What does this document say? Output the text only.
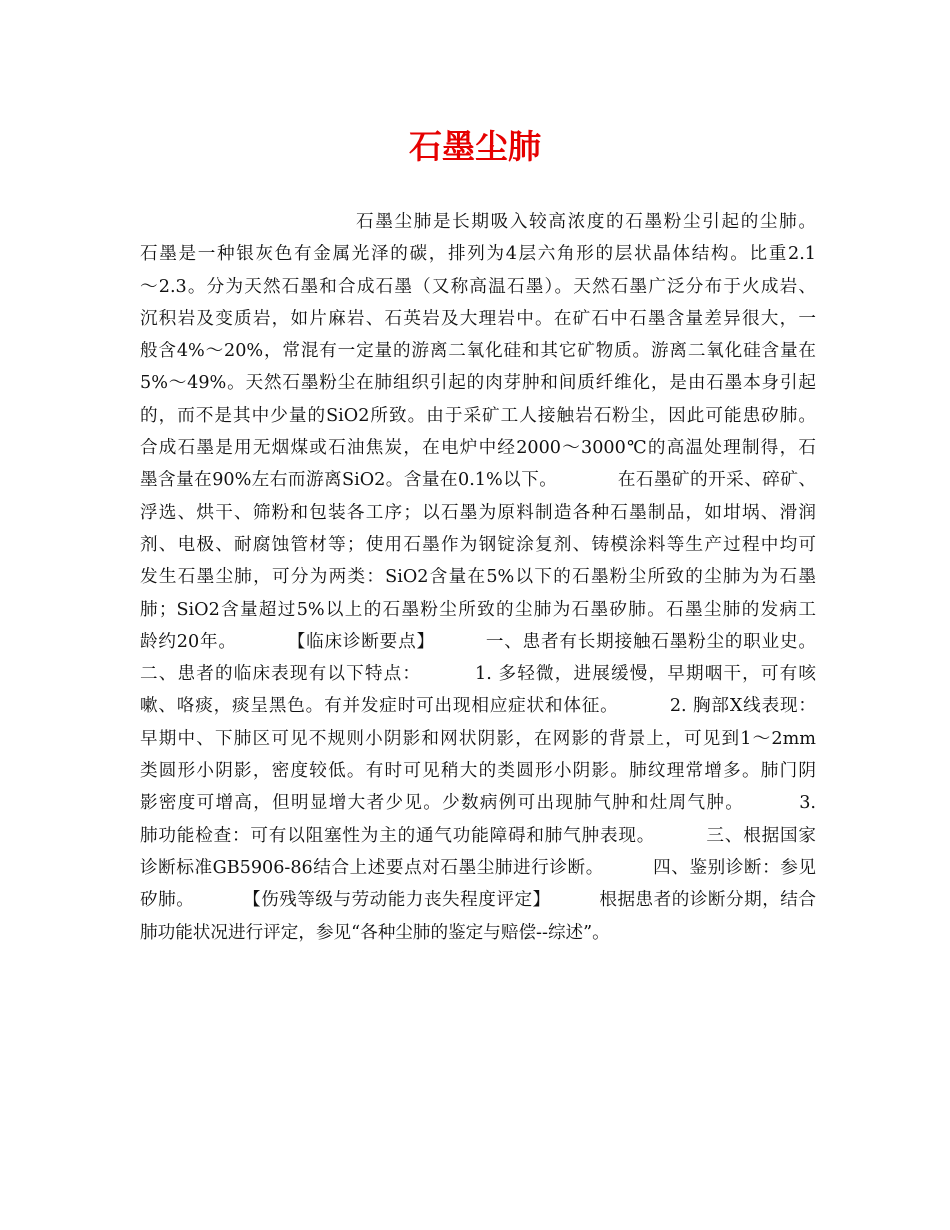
石墨尘肺
石墨尘肺是长期吸入较高浓度的石墨粉尘引起的尘肺。
石墨是一种银灰色有金属光泽的碳，排列为4层六角形的层状晶体结构。比重2.1
～2.3。分为天然石墨和合成石墨（又称高温石墨）。天然石墨广泛分布于火成岩、
沉积岩及变质岩，如片麻岩、石英岩及大理岩中。在矿石中石墨含量差异很大，一
般含4%～20%，常混有一定量的游离二氧化硅和其它矿物质。游离二氧化硅含量在
5%～49%。天然石墨粉尘在肺组织引起的肉芽肿和间质纤维化，是由石墨本身引起
的，而不是其中少量的SiO2所致。由于采矿工人接触岩石粉尘，因此可能患矽肺。
合成石墨是用无烟煤或石油焦炭，在电炉中经2000～3000℃的高温处理制得，石
墨含量在90%左右而游离SiO2。含量在0.1%以下。          在石墨矿的开采、碎矿、
浮选、烘干、筛粉和包装各工序；以石墨为原料制造各种石墨制品，如坩埚、滑润
剂、电极、耐腐蚀管材等；使用石墨作为钢锭涂复剂、铸模涂料等生产过程中均可
发生石墨尘肺，可分为两类：SiO2含量在5%以下的石墨粉尘所致的尘肺为为石墨
肺；SiO2含量超过5%以上的石墨粉尘所致的尘肺为石墨矽肺。石墨尘肺的发病工
龄约20年。        【临床诊断要点】        一、患者有长期接触石墨粉尘的职业史。
二、患者的临床表现有以下特点：        1. 多轻微，进展缓慢，早期咽干，可有咳
嗽、咯痰，痰呈黑色。有并发症时可出现相应症状和体征。        2. 胸部X线表现：
早期中、下肺区可见不规则小阴影和网状阴影，在网影的背景上，可见到1～2mm
类圆形小阴影，密度较低。有时可见稍大的类圆形小阴影。肺纹理常增多。肺门阴
影密度可增高，但明显增大者少见。少数病例可出现肺气肿和灶周气肿。        3.
肺功能检查：可有以阻塞性为主的通气功能障碍和肺气肿表现。        三、根据国家
诊断标准GB5906-86结合上述要点对石墨尘肺进行诊断。        四、鉴别诊断：参见
矽肺。        【伤残等级与劳动能力丧失程度评定】        根据患者的诊断分期，结合
肺功能状况进行评定，参见“各种尘肺的鉴定与赔偿--综述”。
